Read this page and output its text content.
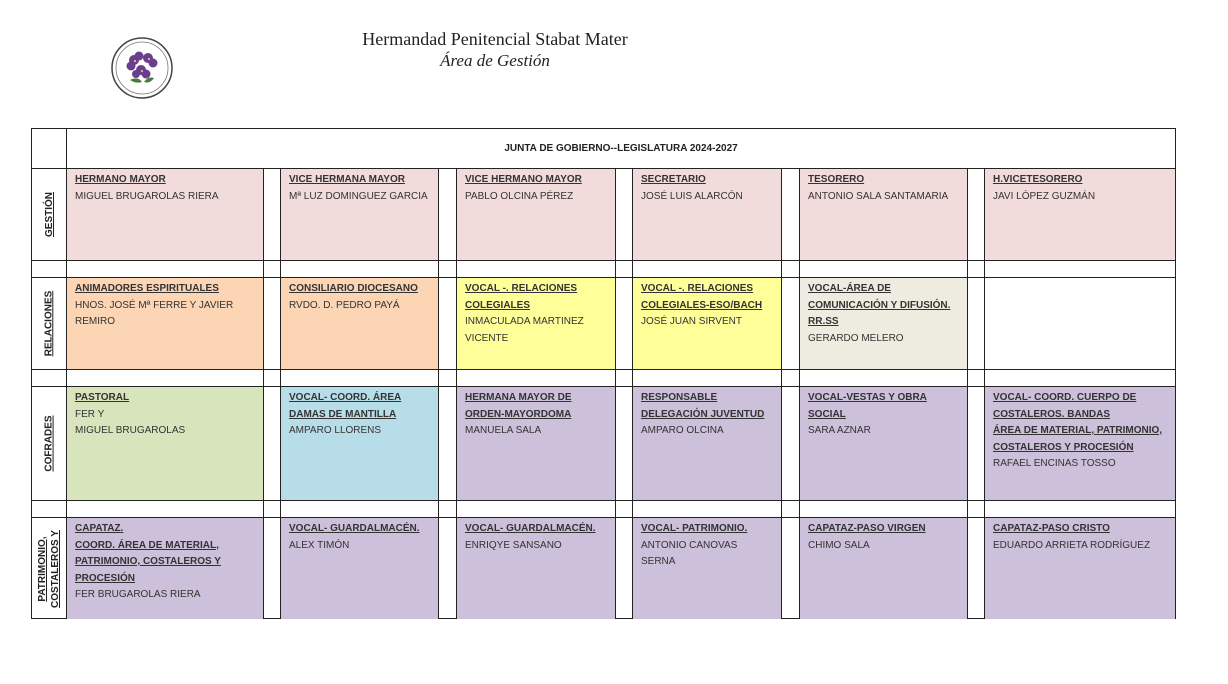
Hermandad Penitencial Stabat Mater
Área de Gestión
JUNTA DE GOBIERNO--LEGISLATURA 2024-2027
GESTIÓN
RELACIONES
COFRADES
PATRIMONIO, COSTALEROS Y
HERMANO MAYOR
MIGUEL BRUGAROLAS RIERA
VICE HERMANA MAYOR
Mª LUZ DOMINGUEZ GARCIA
VICE HERMANO MAYOR
PABLO OLCINA PÉREZ
SECRETARIO
JOSÉ LUIS ALARCÓN
TESORERO
ANTONIO SALA SANTAMARIA
H.VICETESORERO
JAVI LÓPEZ GUZMÁN
ANIMADORES ESPIRITUALES
HNOS. JOSÉ Mª FERRE Y JAVIER REMIRO
CONSILIARIO DIOCESANO
RVDO. D. PEDRO PAYÁ
VOCAL -. RELACIONES COLEGIALES
INMACULADA MARTINEZ VICENTE
VOCAL -. RELACIONES COLEGIALES-ESO/BACH
JOSÉ JUAN SIRVENT
VOCAL-ÁREA DE COMUNICACIÓN Y DIFUSIÓN. RR.SS
GERARDO MELERO
PASTORAL
FER Y
MIGUEL BRUGAROLAS
VOCAL- COORD. ÁREA DAMAS DE MANTILLA
AMPARO LLORENS
HERMANA MAYOR DE ORDEN-MAYORDOMA
MANUELA SALA
RESPONSABLE DELEGACIÓN JUVENTUD
AMPARO OLCINA
VOCAL-VESTAS Y OBRA SOCIAL
SARA AZNAR
VOCAL- COORD. CUERPO DE COSTALEROS. BANDAS
ÁREA DE MATERIAL, PATRIMONIO, COSTALEROS Y PROCESIÓN
RAFAEL ENCINAS TOSSO
CAPATAZ.
COORD. ÁREA DE MATERIAL, PATRIMONIO, COSTALEROS Y PROCESIÓN
FER BRUGAROLAS RIERA
VOCAL- GUARDALMACÉN.
ALEX TIMÓN
VOCAL- GUARDALMACÉN.
ENRIQYE SANSANO
VOCAL- PATRIMONIO.
ANTONIO CANOVAS SERNA
CAPATAZ-PASO VIRGEN
CHIMO SALA
CAPATAZ-PASO CRISTO
EDUARDO ARRIETA RODRÍGUEZ
